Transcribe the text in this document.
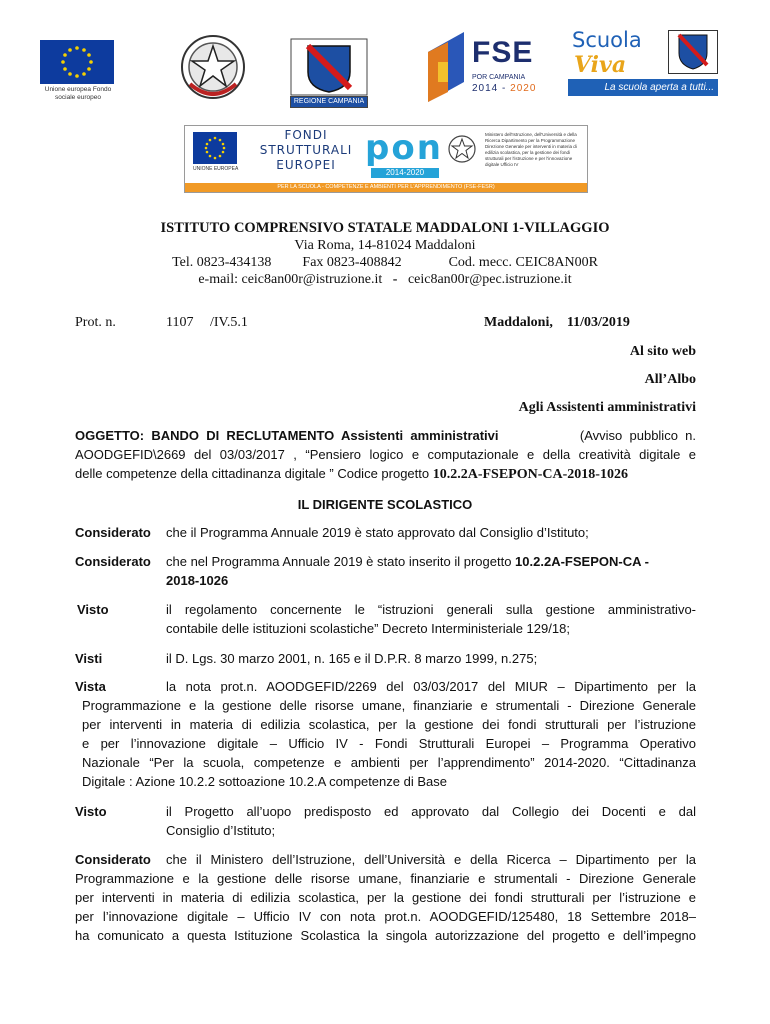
Unione europea Fondo sociale europeo
REGIONE CAMPANIA
FSE
POR CAMPANIA
2014 - 2020
Scuola
Viva
La scuola aperta a tutti...
UNIONE EUROPEA
FONDI
STRUTTURALI
EUROPEI pon
2014-2020
Ministero dell'Istruzione, dell'Università e della Ricerca Dipartimento per la Programmazione Direzione Generale per interventi in materia di edilizia scolastica, per la gestione dei fondi strutturali per l'istruzione e per l'innovazione digitale Ufficio IV
PER LA SCUOLA - COMPETENZE E AMBIENTI PER L'APPRENDIMENTO (FSE-FESR)
ISTITUTO COMPRENSIVO STATALE MADDALONI 1-VILLAGGIO
Via Roma, 14-81024 Maddaloni
Tel. 0823-434138 Fax 0823-408842	Cod. mecc. CEIC8AN00R
e-mail: ceic8an00r@istruzione.it - ceic8an00r@pec.istruzione.it
Prot. n.	1107 /IV.5.1	Maddaloni,    11/03/2019
Al sito web
All’Albo
Agli Assistenti amministrativi
OGGETTO:  BANDO  DI  RECLUTAMENTO  Assistenti  amministrativi	(Avviso  pubblico  n.
AOODGEFID\2669 del 03/03/2017 , “Pensiero logico e computazionale e della creatività digitale e
delle competenze della cittadinanza digitale ” Codice progetto 10.2.2A-FSEPON-CA-2018-1026
IL DIRIGENTE SCOLASTICO
Considerato che il Programma Annuale 2019 è stato approvato dal Consiglio d’Istituto;
Considerato che nel Programma Annuale 2019 è stato inserito il progetto 10.2.2A-FSEPON-CA -
2018-1026
Visto	il regolamento concernente le “istruzioni generali sulla gestione amministrativo-
contabile delle istituzioni scolastiche” Decreto Interministeriale 129/18;
Visti	il D. Lgs. 30 marzo 2001, n. 165 e il D.P.R. 8 marzo 1999, n.275;
Vista	la nota prot.n. AOODGEFID/2269 del 03/03/2017 del MIUR – Dipartimento per la
Programmazione e la gestione delle risorse umane, finanziarie e strumentali - Direzione Generale
per interventi in materia di edilizia scolastica, per la gestione dei fondi strutturali per l’istruzione
e per l’innovazione digitale – Ufficio IV - Fondi Strutturali Europei – Programma Operativo
Nazionale “Per la scuola, competenze e ambienti per l’apprendimento” 2014-2020. “Cittadinanza
Digitale : Azione 10.2.2 sottoazione 10.2.A competenze di Base
Visto	il Progetto all’uopo predisposto ed approvato dal Collegio dei Docenti e dal
Consiglio d’Istituto;
Considerato che il Ministero dell’Istruzione, dell’Università e della Ricerca – Dipartimento per la
Programmazione e la gestione delle risorse umane, finanziarie e strumentali - Direzione Generale
per interventi in materia di edilizia scolastica, per la gestione dei fondi strutturali per l’istruzione e
per l’innovazione digitale – Ufficio IV con nota prot.n. AOODGEFID/125480, 18 Settembre 2018–
ha comunicato a questa Istituzione Scolastica la singola autorizzazione del progetto e dell’impegno
